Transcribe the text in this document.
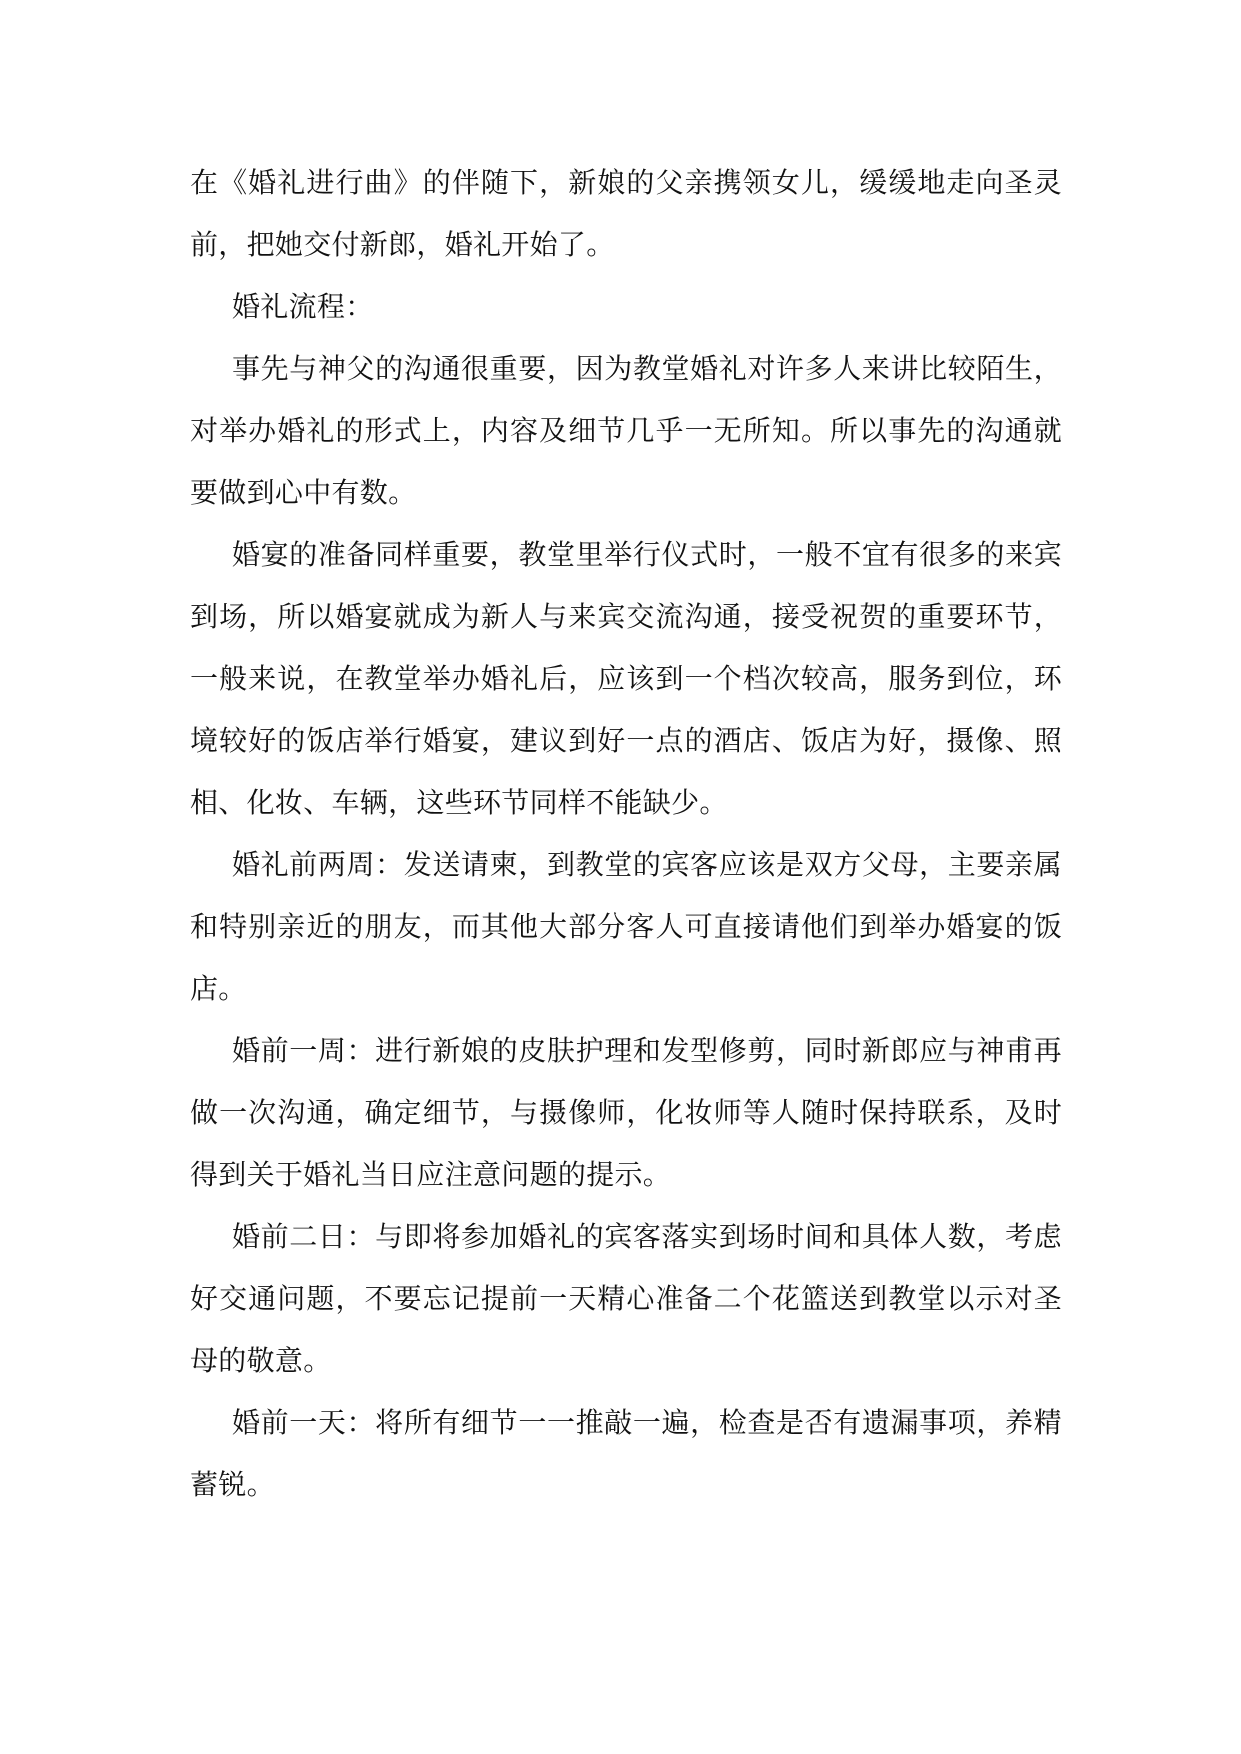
在《婚礼进行曲》的伴随下，新娘的父亲携领女儿，缓缓地走向圣灵前，把她交付新郎，婚礼开始了。

婚礼流程：

事先与神父的沟通很重要，因为教堂婚礼对许多人来讲比较陌生，对举办婚礼的形式上，内容及细节几乎一无所知。所以事先的沟通就要做到心中有数。

婚宴的准备同样重要，教堂里举行仪式时，一般不宜有很多的来宾到场，所以婚宴就成为新人与来宾交流沟通，接受祝贺的重要环节，一般来说，在教堂举办婚礼后，应该到一个档次较高，服务到位，环境较好的饭店举行婚宴，建议到好一点的酒店、饭店为好，摄像、照相、化妆、车辆，这些环节同样不能缺少。

婚礼前两周：发送请柬，到教堂的宾客应该是双方父母，主要亲属和特别亲近的朋友，而其他大部分客人可直接请他们到举办婚宴的饭店。

婚前一周：进行新娘的皮肤护理和发型修剪，同时新郎应与神甫再做一次沟通，确定细节，与摄像师，化妆师等人随时保持联系，及时得到关于婚礼当日应注意问题的提示。

婚前二日：与即将参加婚礼的宾客落实到场时间和具体人数，考虑好交通问题，不要忘记提前一天精心准备二个花篮送到教堂以示对圣母的敬意。

婚前一天：将所有细节一一推敲一遍，检查是否有遗漏事项，养精蓄锐。
